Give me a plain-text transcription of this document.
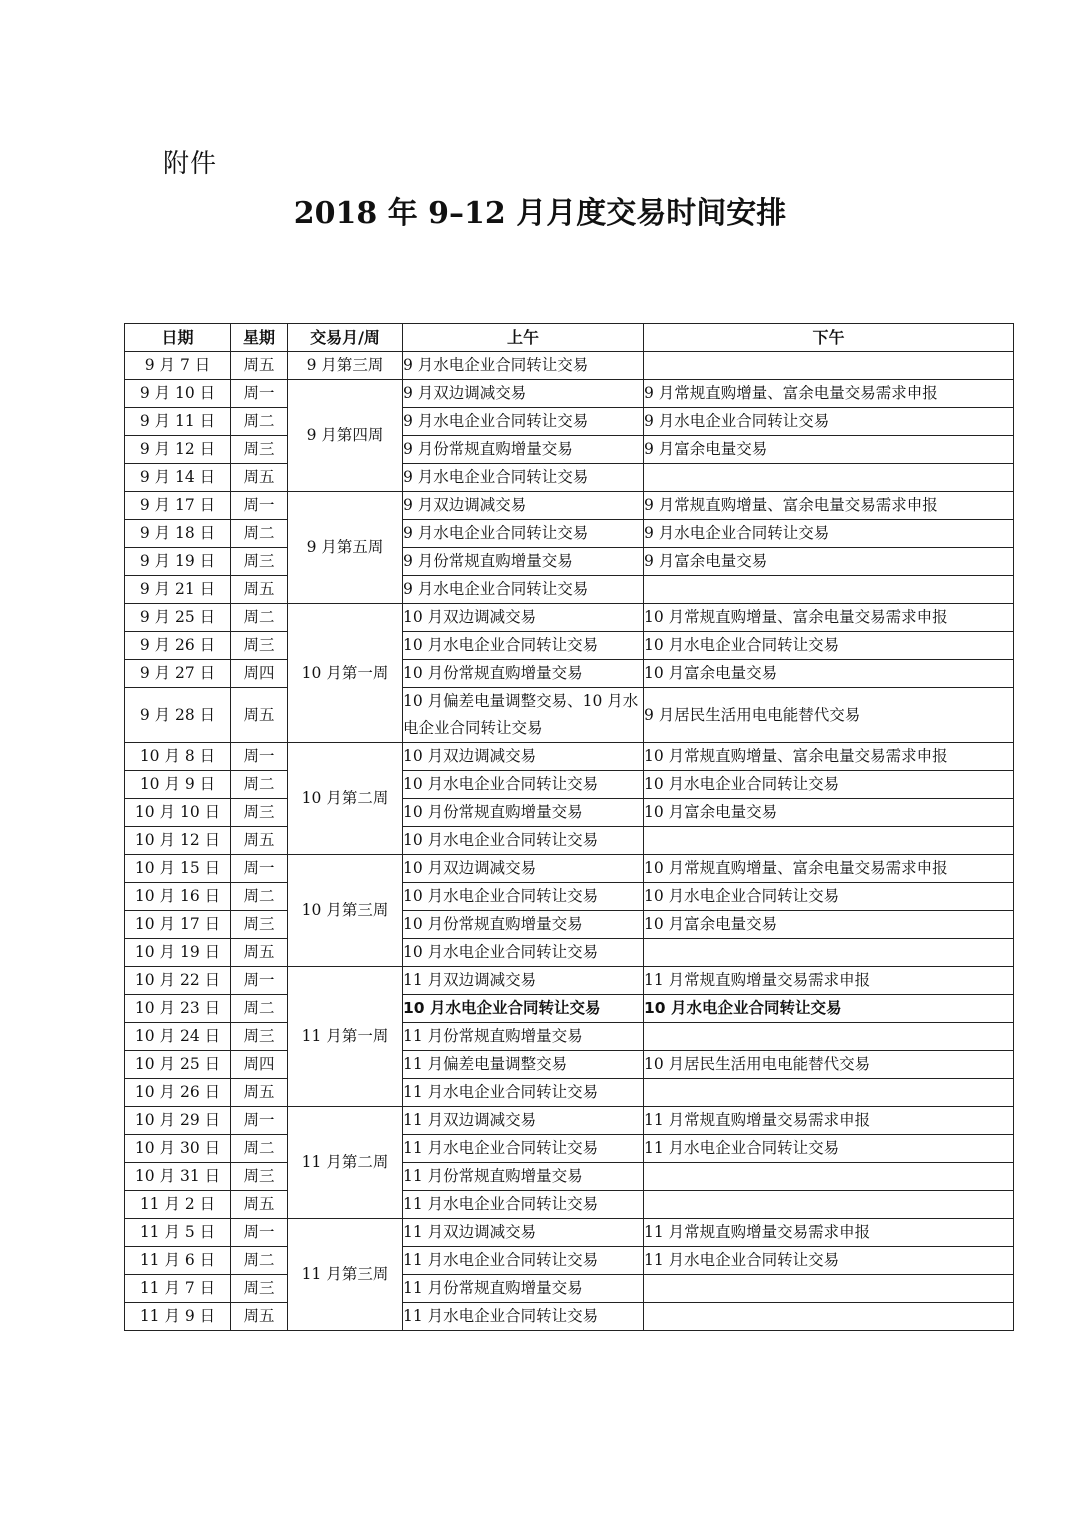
附件
2018 年 9–12 月月度交易时间安排
日期	星期	交易月/周	上午	下午
9 月 7 日	周五	9 月第三周	9 月水电企业合同转让交易	
9 月 10 日	周一	9 月第四周	9 月双边调减交易	9 月常规直购增量、富余电量交易需求申报
9 月 11 日	周二		9 月水电企业合同转让交易	9 月水电企业合同转让交易
9 月 12 日	周三		9 月份常规直购增量交易	9 月富余电量交易
9 月 14 日	周五		9 月水电企业合同转让交易	
9 月 17 日	周一	9 月第五周	9 月双边调减交易	9 月常规直购增量、富余电量交易需求申报
9 月 18 日	周二		9 月水电企业合同转让交易	9 月水电企业合同转让交易
9 月 19 日	周三		9 月份常规直购增量交易	9 月富余电量交易
9 月 21 日	周五		9 月水电企业合同转让交易	
9 月 25 日	周二	10 月第一周	10 月双边调减交易	10 月常规直购增量、富余电量交易需求申报
9 月 26 日	周三		10 月水电企业合同转让交易	10 月水电企业合同转让交易
9 月 27 日	周四		10 月份常规直购增量交易	10 月富余电量交易
9 月 28 日	周五		10 月偏差电量调整交易、10 月水电企业合同转让交易	9 月居民生活用电电能替代交易
10 月 8 日	周一	10 月第二周	10 月双边调减交易	10 月常规直购增量、富余电量交易需求申报
10 月 9 日	周二		10 月水电企业合同转让交易	10 月水电企业合同转让交易
10 月 10 日	周三		10 月份常规直购增量交易	10 月富余电量交易
10 月 12 日	周五		10 月水电企业合同转让交易	
10 月 15 日	周一	10 月第三周	10 月双边调减交易	10 月常规直购增量、富余电量交易需求申报
10 月 16 日	周二		10 月水电企业合同转让交易	10 月水电企业合同转让交易
10 月 17 日	周三		10 月份常规直购增量交易	10 月富余电量交易
10 月 19 日	周五		10 月水电企业合同转让交易	
10 月 22 日	周一	11 月第一周	11 月双边调减交易	11 月常规直购增量交易需求申报
10 月 23 日	周二		10 月水电企业合同转让交易	10 月水电企业合同转让交易
10 月 24 日	周三		11 月份常规直购增量交易	
10 月 25 日	周四		11 月偏差电量调整交易	10 月居民生活用电电能替代交易
10 月 26 日	周五		11 月水电企业合同转让交易	
10 月 29 日	周一	11 月第二周	11 月双边调减交易	11 月常规直购增量交易需求申报
10 月 30 日	周二		11 月水电企业合同转让交易	11 月水电企业合同转让交易
10 月 31 日	周三		11 月份常规直购增量交易	
11 月 2 日	周五		11 月水电企业合同转让交易	
11 月 5 日	周一	11 月第三周	11 月双边调减交易	11 月常规直购增量交易需求申报
11 月 6 日	周二		11 月水电企业合同转让交易	11 月水电企业合同转让交易
11 月 7 日	周三		11 月份常规直购增量交易	
11 月 9 日	周五		11 月水电企业合同转让交易	
